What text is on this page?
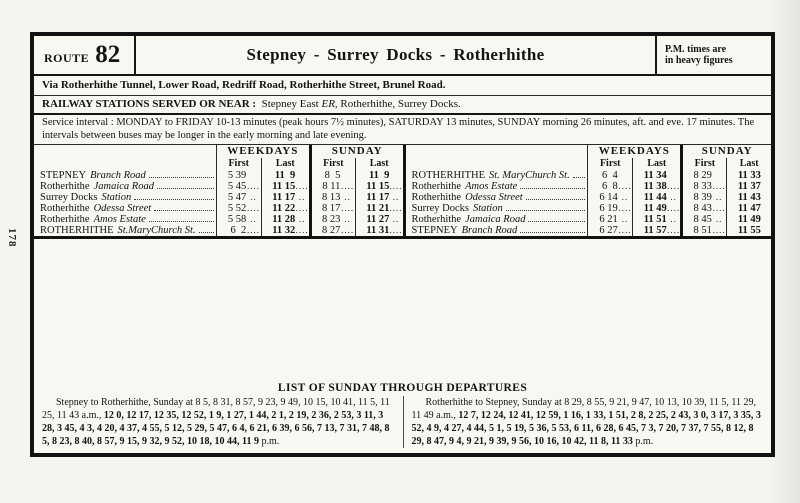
178
ROUTE 82	Stepney - Surrey Docks - Rotherhithe	P.M. times are
in heavy figures
Via Rotherhithe Tunnel, Lower Road, Redriff Road, Rotherhithe Street, Brunel Road.
RAILWAY STATIONS SERVED OR NEAR : Stepney East ER, Rotherhithe, Surrey Docks.
Service interval : MONDAY to FRIDAY 10-13 minutes (peak hours 7½ minutes), SATURDAY 13 minutes, SUNDAY morning 26 minutes, aft. and eve. 17 minutes. The intervals between buses may be longer in the early morning and late evening.
	WEEKDAYS				SUNDAY			
	First		Last		First		Last	

STEPNEY Branch Road	5 39		11  9		8  5		11  9	

Rotherhithe Jamaica Road	5 45	....	11 15	....	8 11	....	11 15	....

Surrey Docks Station	5 47	..	11 17	..	8 13	..	11 17	..

Rotherhithe Odessa Street	5 52	....	11 22	....	8 17	....	11 21	....

Rotherhithe Amos Estate	5 58	..	11 28	..	8 23	..	11 27	..

ROTHERHITHE St.MaryChurch St.	6  2	....	11 32	....	8 27	....	11 31	....
	WEEKDAYS				SUNDAY			
	First		Last		First		Last	

ROTHERHITHE St. MaryChurch St.	6  4		11 34		8 29		11 33	

Rotherhithe Amos Estate	6  8	....	11 38	....	8 33	....	11 37	

Rotherhithe Odessa Street	6 14	..	11 44	..	8 39	..	11 43	

Surrey Docks Station	6 19	....	11 49	....	8 43	....	11 47	

Rotherhithe Jamaica Road	6 21	..	11 51	..	8 45	..	11 49	

STEPNEY Branch Road	6 27	....	11 57	....	8 51	....	11 55	
LIST OF SUNDAY THROUGH DEPARTURES
Stepney to Rotherhithe, Sunday at 8 5, 8 31, 8 57, 9 23, 9 49, 10 15, 10 41, 11 5, 11 25, 11 43 a.m., 12 0, 12 17, 12 35, 12 52, 1 9, 1 27, 1 44, 2 1, 2 19, 2 36, 2 53, 3 11, 3 28, 3 45, 4 3, 4 20, 4 37, 4 55, 5 12, 5 29, 5 47, 6 4, 6 21, 6 39, 6 56, 7 13, 7 31, 7 48, 8 5, 8 23, 8 40, 8 57, 9 15, 9 32, 9 52, 10 18, 10 44, 11 9 p.m.
Rotherhithe to Stepney, Sunday at 8 29, 8 55, 9 21, 9 47, 10 13, 10 39, 11 5, 11 29, 11 49 a.m., 12 7, 12 24, 12 41, 12 59, 1 16, 1 33, 1 51, 2 8, 2 25, 2 43, 3 0, 3 17, 3 35, 3 52, 4 9, 4 27, 4 44, 5 1, 5 19, 5 36, 5 53, 6 11, 6 28, 6 45, 7 3, 7 20, 7 37, 7 55, 8 12, 8 29, 8 47, 9 4, 9 21, 9 39, 9 56, 10 16, 10 42, 11 8, 11 33 p.m.
